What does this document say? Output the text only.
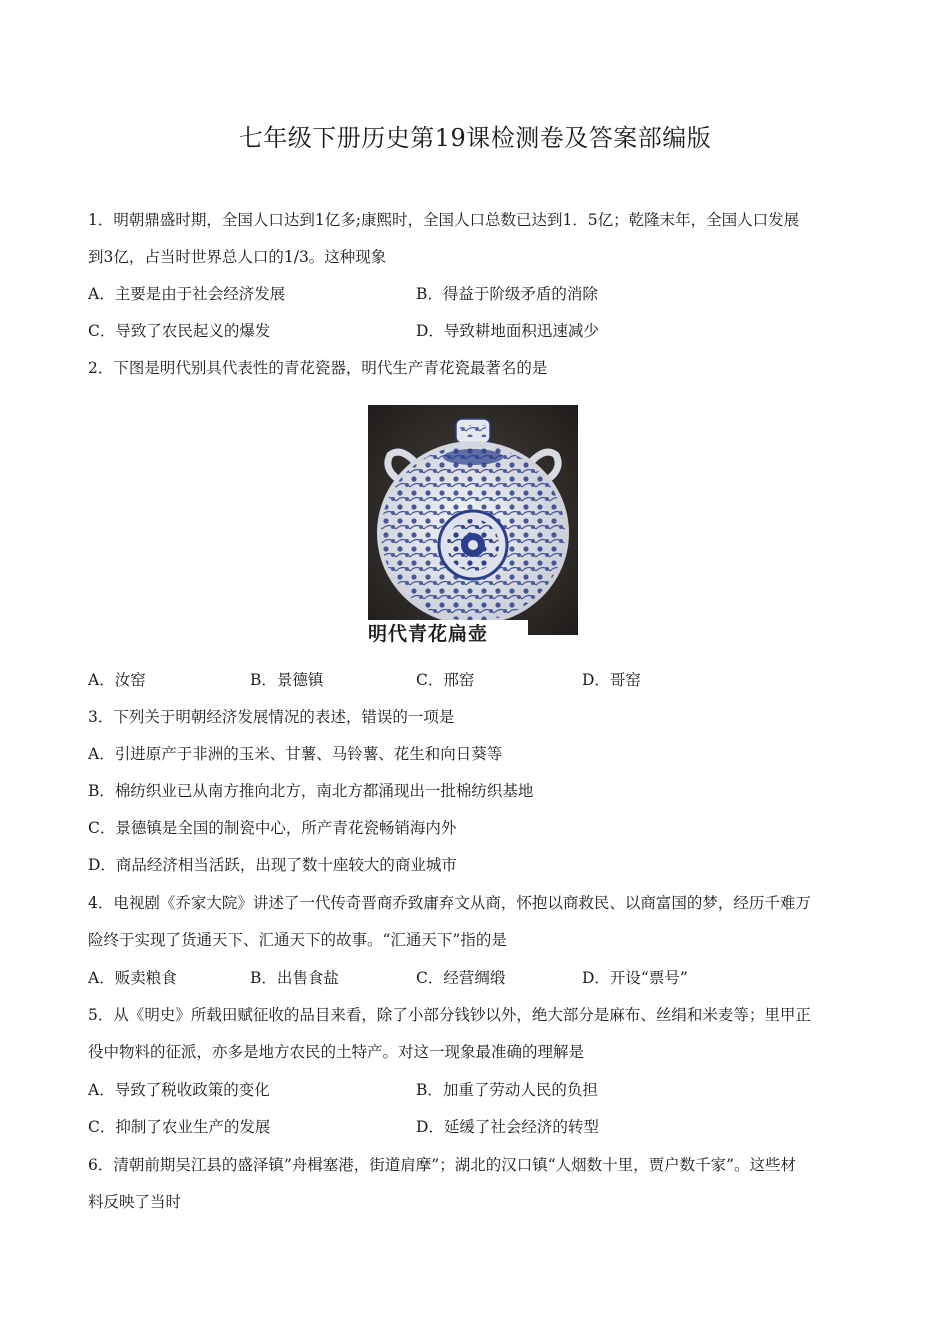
七年级下册历史第19课检测卷及答案部编版
1．明朝鼎盛时期，全国人口达到1亿多;康熙时，全国人口总数已达到1．5亿；乾隆末年，全国人口发展
到3亿，占当时世界总人口的1/3。这种现象
A．主要是由于社会经济发展	B．得益于阶级矛盾的消除
C．导致了农民起义的爆发	D．导致耕地面积迅速减少
2．下图是明代别具代表性的青花瓷器，明代生产青花瓷最著名的是
明代青花扁壶
A．汝窑	B．景德镇	C．邢窑	D．哥窑
3．下列关于明朝经济发展情况的表述，错误的一项是
A．引进原产于非洲的玉米、甘薯、马铃薯、花生和向日葵等
B．棉纺织业已从南方推向北方，南北方都涌现出一批棉纺织基地
C．景德镇是全国的制瓷中心，所产青花瓷畅销海内外
D．商品经济相当活跃，出现了数十座较大的商业城市
4．电视剧《乔家大院》讲述了一代传奇晋商乔致庸弃文从商，怀抱以商救民、以商富国的梦，经历千难万
险终于实现了货通天下、汇通天下的故事。“汇通天下”指的是
A．贩卖粮食	B．出售食盐	C．经营绸缎	D．开设“票号”
5．从《明史》所载田赋征收的品目来看，除了小部分钱钞以外，绝大部分是麻布、丝绢和米麦等；里甲正
役中物料的征派，亦多是地方农民的土特产。对这一现象最准确的理解是
A．导致了税收政策的变化	B．加重了劳动人民的负担
C．抑制了农业生产的发展	D．延缓了社会经济的转型
6．清朝前期吴江县的盛泽镇”舟楫塞港，街道肩摩”；湖北的汉口镇“人烟数十里，贾户数千家”。这些材
料反映了当时
